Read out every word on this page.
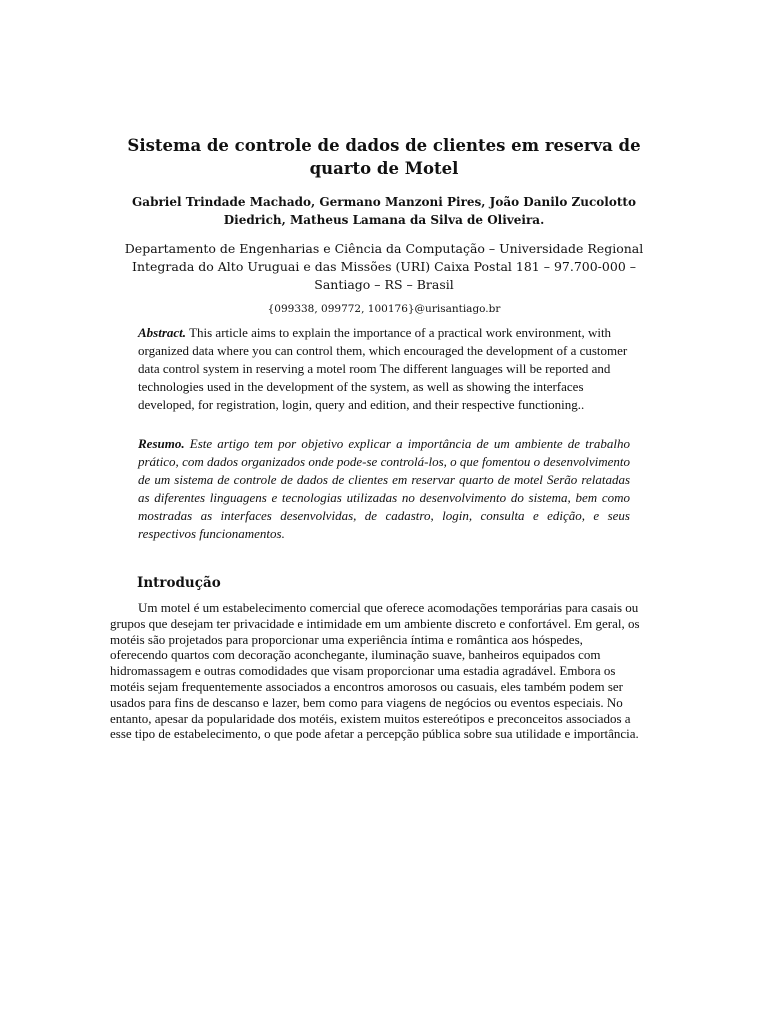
Sistema de controle de dados de clientes em reserva de quarto de Motel

Gabriel Trindade Machado, Germano Manzoni Pires, João Danilo Zucolotto Diedrich, Matheus Lamana da Silva de Oliveira.

Departamento de Engenharias e Ciência da Computação – Universidade Regional Integrada do Alto Uruguai e das Missões (URI) Caixa Postal 181 – 97.700-000 – Santiago – RS – Brasil

{099338, 099772, 100176}@urisantiago.br

Abstract. This article aims to explain the importance of a practical work environment, with organized data where you can control them, which encouraged the development of a customer data control system in reserving a motel room The different languages will be reported and technologies used in the development of the system, as well as showing the interfaces developed, for registration, login, query and edition, and their respective functioning..

Resumo. Este artigo tem por objetivo explicar a importância de um ambiente de trabalho prático, com dados organizados onde pode-se controlá-los, o que fomentou o desenvolvimento de um sistema de controle de dados de clientes em reservar quarto de motel Serão relatadas as diferentes linguagens e tecnologias utilizadas no desenvolvimento do sistema, bem como mostradas as interfaces desenvolvidas, de cadastro, login, consulta e edição, e seus respectivos funcionamentos.

Introdução

Um motel é um estabelecimento comercial que oferece acomodações temporárias para casais ou grupos que desejam ter privacidade e intimidade em um ambiente discreto e confortável. Em geral, os motéis são projetados para proporcionar uma experiência íntima e romântica aos hóspedes, oferecendo quartos com decoração aconchegante, iluminação suave, banheiros equipados com hidromassagem e outras comodidades que visam proporcionar uma estadia agradável. Embora os motéis sejam frequentemente associados a encontros amorosos ou casuais, eles também podem ser usados para fins de descanso e lazer, bem como para viagens de negócios ou eventos especiais. No entanto, apesar da popularidade dos motéis, existem muitos estereótipos e preconceitos associados a esse tipo de estabelecimento, o que pode afetar a percepção pública sobre sua utilidade e importância.
